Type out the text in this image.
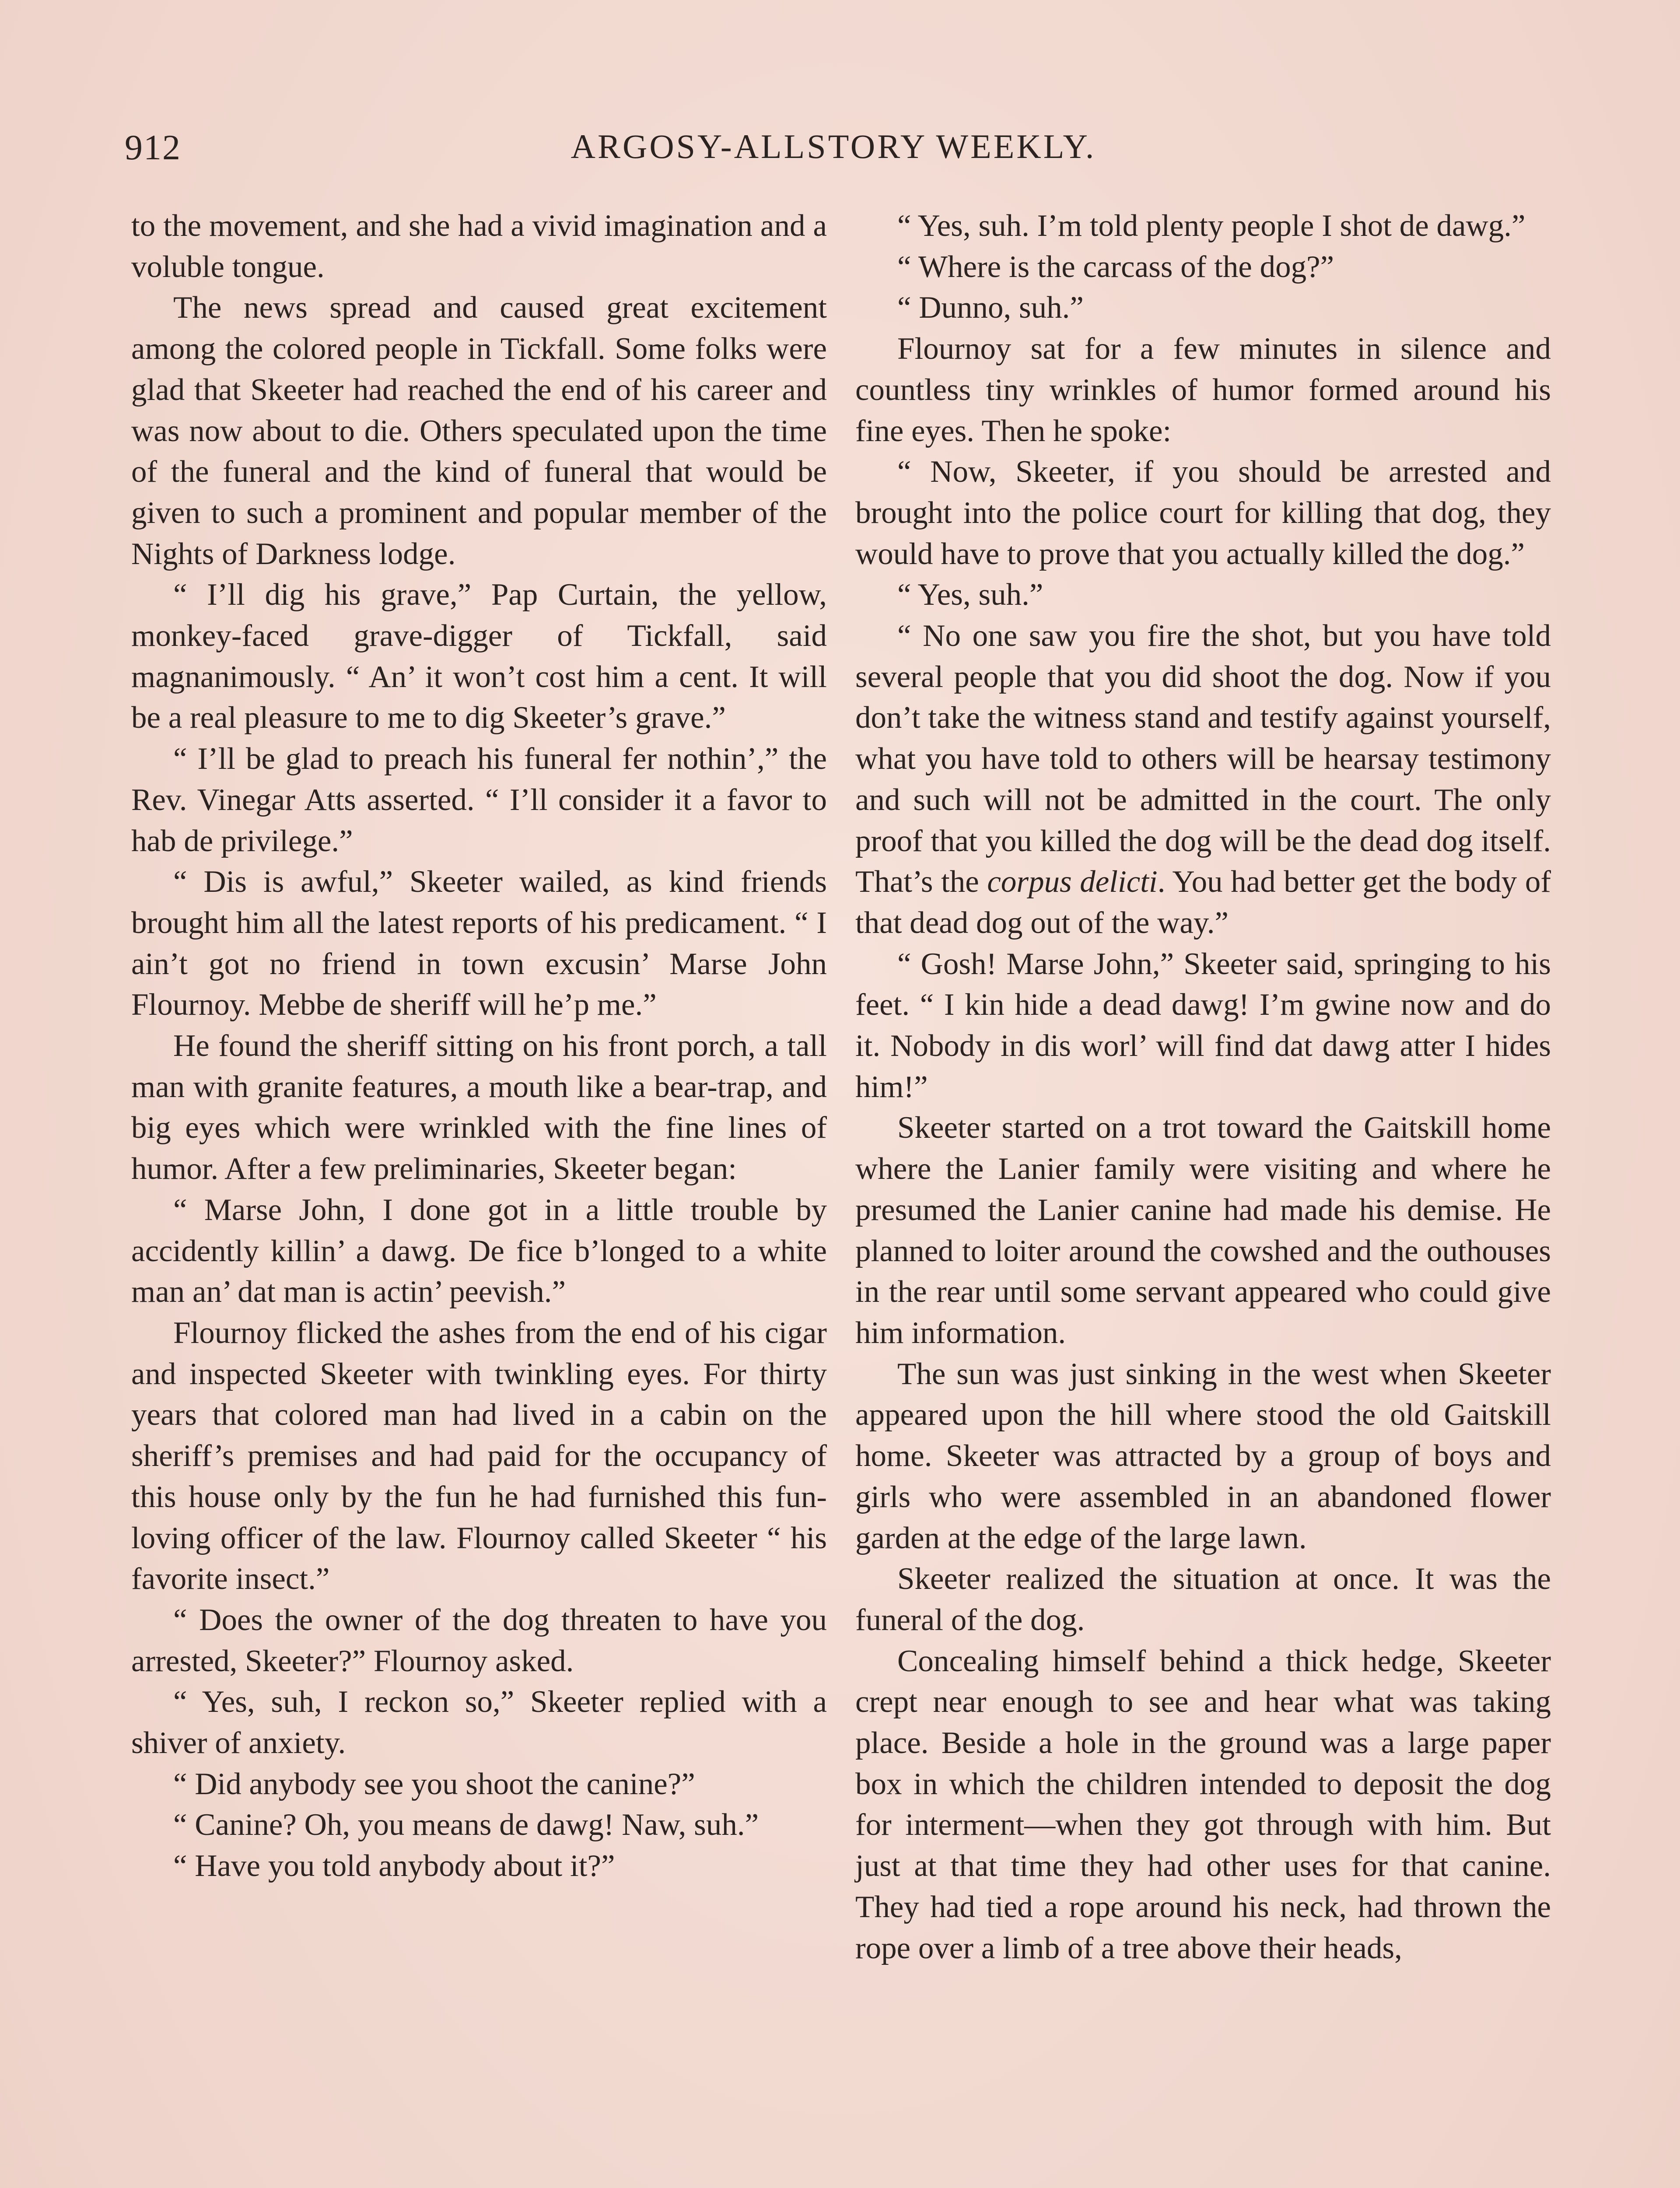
912	ARGOSY-ALLSTORY WEEKLY.

to the movement, and she had a vivid imagination and a voluble tongue.

The news spread and caused great excitement among the colored people in Tickfall. Some folks were glad that Skeeter had reached the end of his career and was now about to die. Others speculated upon the time of the funeral and the kind of funeral that would be given to such a prominent and popular member of the Nights of Darkness lodge.

“ I’ll dig his grave,” Pap Curtain, the yellow, monkey-faced grave-digger of Tickfall, said magnanimously. “ An’ it won’t cost him a cent. It will be a real pleasure to me to dig Skeeter’s grave.”

“ I’ll be glad to preach his funeral fer nothin’,” the Rev. Vinegar Atts asserted. “ I’ll consider it a favor to hab de privilege.”

“ Dis is awful,” Skeeter wailed, as kind friends brought him all the latest reports of his predicament. “ I ain’t got no friend in town excusin’ Marse John Flournoy. Mebbe de sheriff will he’p me.”

He found the sheriff sitting on his front porch, a tall man with granite features, a mouth like a bear-trap, and big eyes which were wrinkled with the fine lines of humor. After a few preliminaries, Skeeter began:

“ Marse John, I done got in a little trouble by accidently killin’ a dawg. De fice b’longed to a white man an’ dat man is actin’ peevish.”

Flournoy flicked the ashes from the end of his cigar and inspected Skeeter with twinkling eyes. For thirty years that colored man had lived in a cabin on the sheriff’s premises and had paid for the occupancy of this house only by the fun he had furnished this fun-loving officer of the law. Flournoy called Skeeter “ his favorite insect.”

“ Does the owner of the dog threaten to have you arrested, Skeeter?” Flournoy asked.

“ Yes, suh, I reckon so,” Skeeter replied with a shiver of anxiety.

“ Did anybody see you shoot the canine?”

“ Canine? Oh, you means de dawg! Naw, suh.”

“ Have you told anybody about it?”

“ Yes, suh. I’m told plenty people I shot de dawg.”

“ Where is the carcass of the dog?”

“ Dunno, suh.”

Flournoy sat for a few minutes in silence and countless tiny wrinkles of humor formed around his fine eyes. Then he spoke:

“ Now, Skeeter, if you should be arrested and brought into the police court for killing that dog, they would have to prove that you actually killed the dog.”

“ Yes, suh.”

“ No one saw you fire the shot, but you have told several people that you did shoot the dog. Now if you don’t take the witness stand and testify against yourself, what you have told to others will be hearsay testimony and such will not be admitted in the court. The only proof that you killed the dog will be the dead dog itself. That’s the corpus delicti. You had better get the body of that dead dog out of the way.”

“ Gosh! Marse John,” Skeeter said, springing to his feet. “ I kin hide a dead dawg! I’m gwine now and do it. Nobody in dis worl’ will find dat dawg atter I hides him!”

Skeeter started on a trot toward the Gaitskill home where the Lanier family were visiting and where he presumed the Lanier canine had made his demise. He planned to loiter around the cowshed and the outhouses in the rear until some servant appeared who could give him information.

The sun was just sinking in the west when Skeeter appeared upon the hill where stood the old Gaitskill home. Skeeter was attracted by a group of boys and girls who were assembled in an abandoned flower garden at the edge of the large lawn.

Skeeter realized the situation at once. It was the funeral of the dog.

Concealing himself behind a thick hedge, Skeeter crept near enough to see and hear what was taking place. Beside a hole in the ground was a large paper box in which the children intended to deposit the dog for interment—when they got through with him. But just at that time they had other uses for that canine. They had tied a rope around his neck, had thrown the rope over a limb of a tree above their heads,
